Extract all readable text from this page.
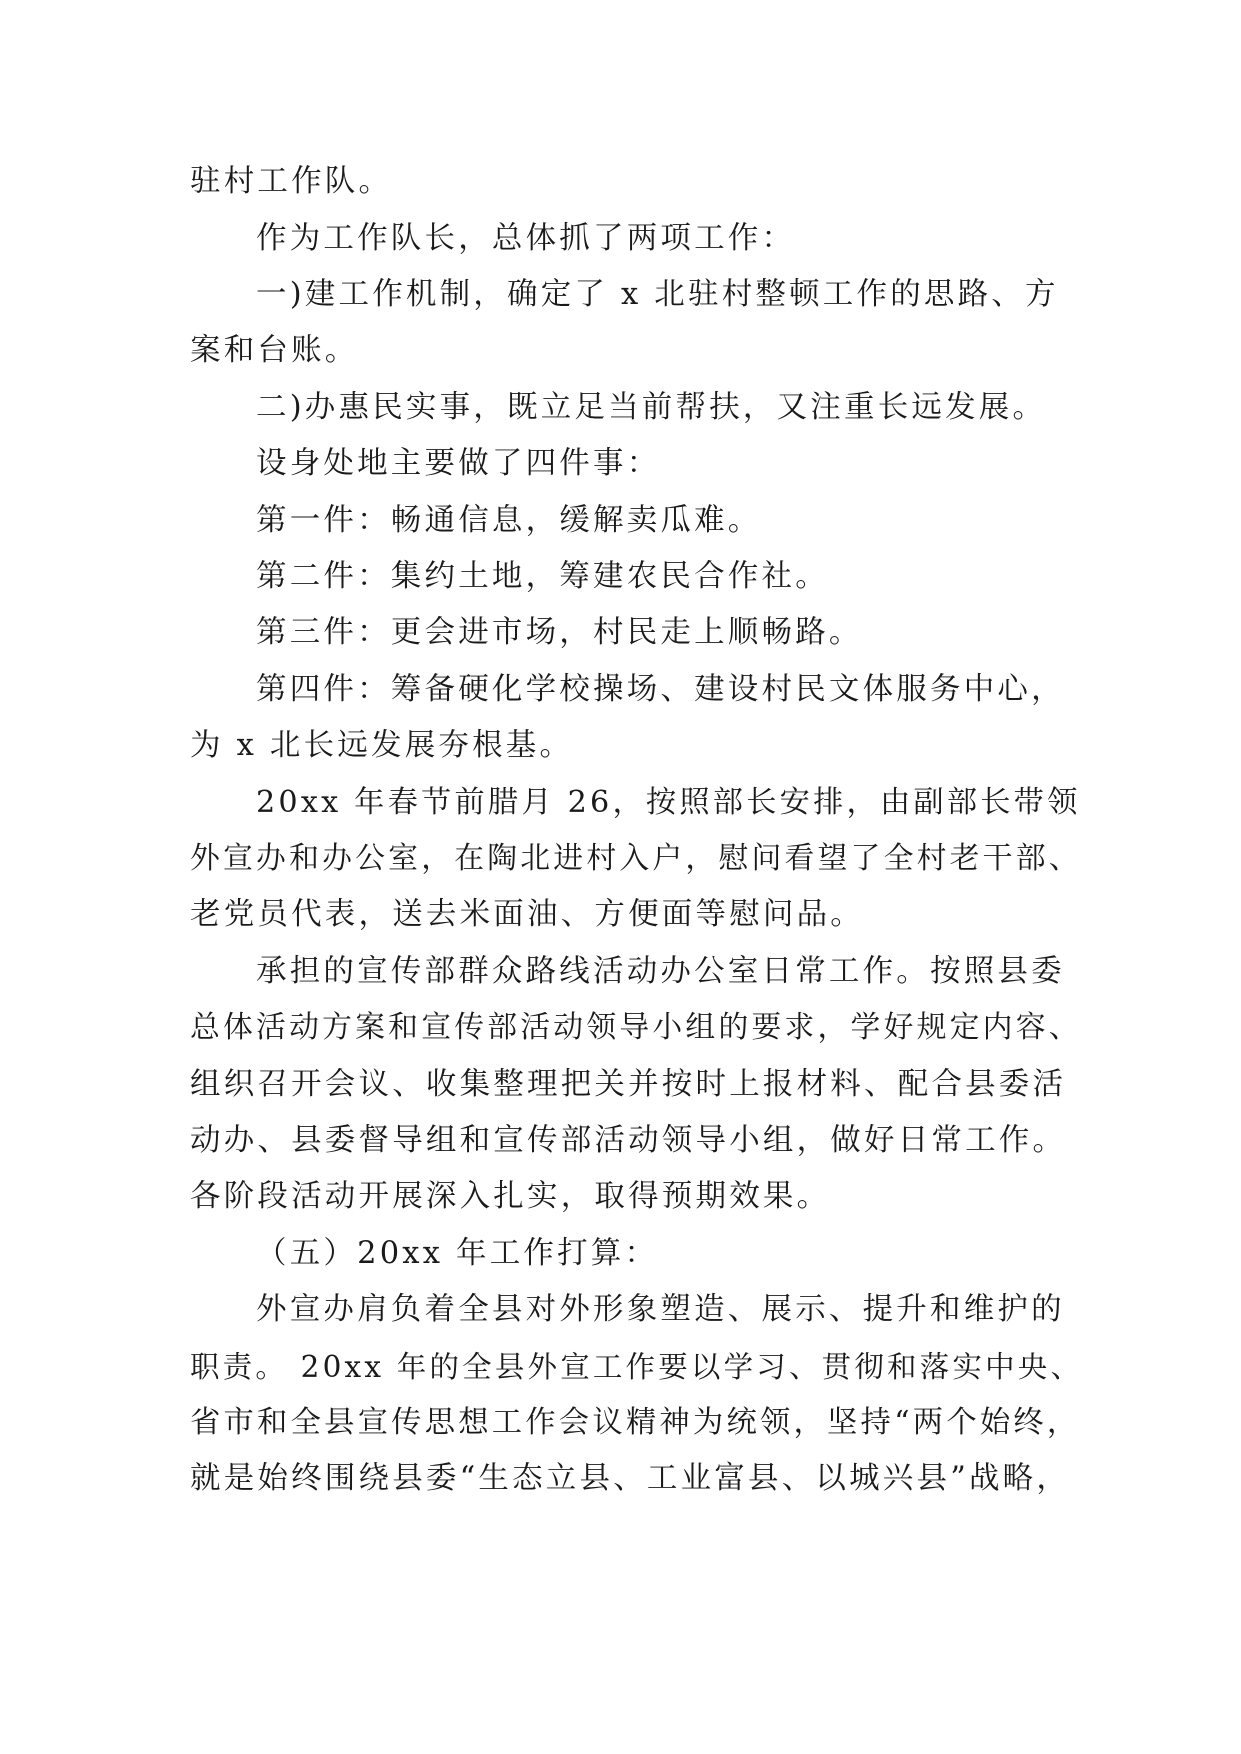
驻村工作队。

作为工作队长，总体抓了两项工作：

一)建工作机制，确定了 x 北驻村整顿工作的思路、方

案和台账。

二)办惠民实事，既立足当前帮扶，又注重长远发展。

设身处地主要做了四件事：

第一件：畅通信息，缓解卖瓜难。

第二件：集约土地，筹建农民合作社。

第三件：更会进市场，村民走上顺畅路。

第四件：筹备硬化学校操场、建设村民文体服务中心，

为 x 北长远发展夯根基。

20xx 年春节前腊月 26，按照部长安排，由副部长带领

外宣办和办公室，在陶北进村入户，慰问看望了全村老干部、

老党员代表，送去米面油、方便面等慰问品。

承担的宣传部群众路线活动办公室日常工作。按照县委

总体活动方案和宣传部活动领导小组的要求，学好规定内容、

组织召开会议、收集整理把关并按时上报材料、配合县委活

动办、县委督导组和宣传部活动领导小组，做好日常工作。

各阶段活动开展深入扎实，取得预期效果。

（五）20xx 年工作打算：

外宣办肩负着全县对外形象塑造、展示、提升和维护的

职责。 20xx 年的全县外宣工作要以学习、贯彻和落实中央、

省市和全县宣传思想工作会议精神为统领，坚持“两个始终，

就是始终围绕县委“生态立县、工业富县、以城兴县”战略，
